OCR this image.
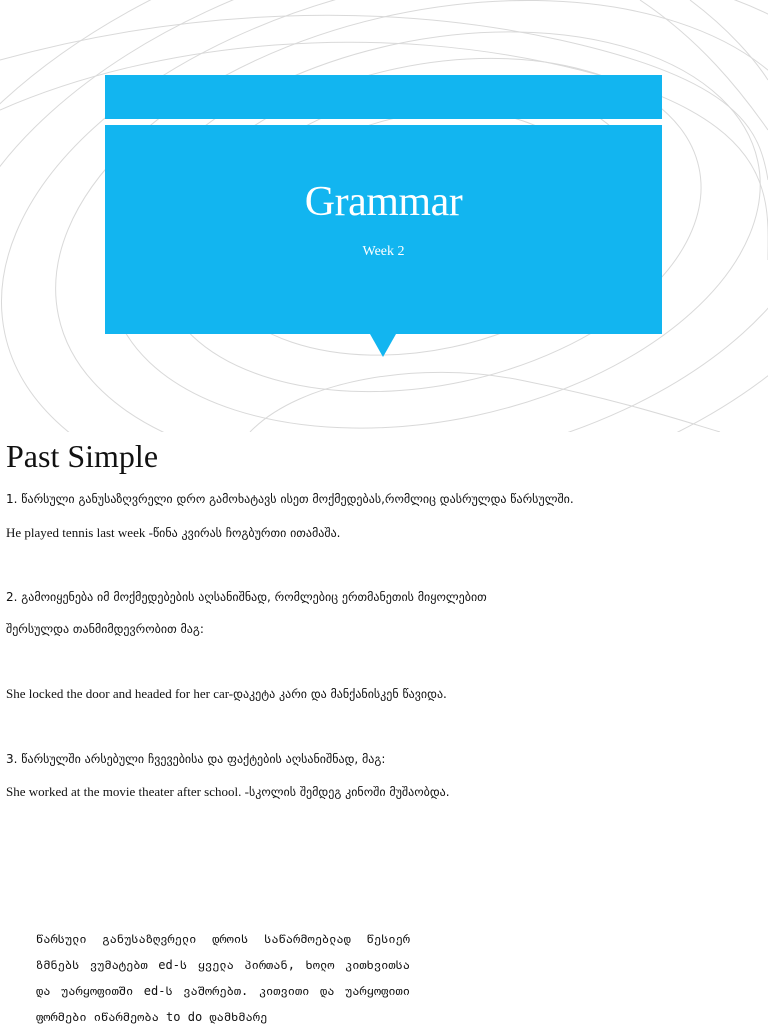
Grammar
Week 2
Past Simple
1. წარსული განუსაზღვრელი დრო გამოხატავს ისეთ მოქმედებას,რომლიც დასრულდა წარსულში.
He played tennis last week -წინა კვირას ჩოგბურთი ითამაშა.
2. გამოიყენება იმ მოქმედებების აღსანიშნად, რომლებიც ერთმანეთის მიყოლებით
შერსულდა თანმიმდევრობით მაგ:
She locked the door and headed for her car-დაკეტა კარი და მანქანისკენ წავიდა.
3. წარსულში არსებული ჩვევებისა და ფაქტების აღსანიშნად, მაგ:
She worked at the movie theater after school. -სკოლის შემდეგ კინოში მუშაობდა.
წარსული განუსაზღვრელი დროის საწარმოებლად წესიერ ზმნებს ვუმატებთ ed-ს ყველა პირთან, ხოლო კითხვითსა და უარყოფითში ed-ს ვაშორებთ. კითვითი და უარყოფითი ფორმები იწარმეობა to do დამხმარე
